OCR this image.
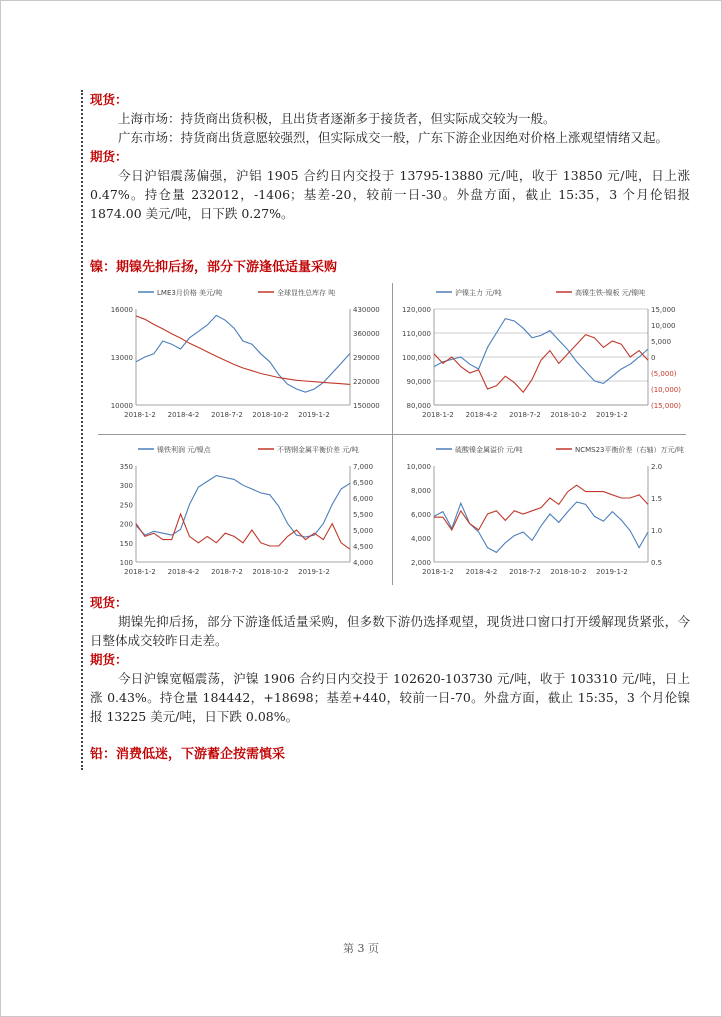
现货：

上海市场：持货商出货积极，且出货者逐渐多于接货者，但实际成交较为一般。

广东市场：持货商出货意愿较强烈，但实际成交一般，广东下游企业因绝对价格上涨观望情绪又起。

期货：

今日沪铝震荡偏强，沪铝 1905 合约日内交投于 13795-13880 元/吨，收于 13850 元/吨，日上涨 0.47%。持仓量 232012，-1406；基差-20，较前一日-30。外盘方面，截止 15:35，3 个月伦铝报 1874.00 美元/吨，日下跌 0.27%。

镍：期镍先抑后扬，部分下游逢低适量采购
LME3月价格 美元/吨	全球显性总库存 吨
16000
13000
10000
430000
360000
290000
220000
150000
2018-1-2 2018-4-2 2018-7-2 2018-10-2 2019-1-2
沪镍主力 元/吨	高镍生铁-镍板 元/镍吨
120,000
110,000
100,000
90,000
80,000
15,000
10,000
5,000
0
(5,000)
(10,000)
(15,000)
2018-1-2 2018-4-2 2018-7-2 2018-10-2 2019-1-2
镍铁利润 元/镍点	不锈钢金属平衡价差 元/吨
350
300
250
200
150
100
7,000
6,500
6,000
5,500
5,000
4,500
4,000
2018-1-2 2018-4-2 2018-7-2 2018-10-2 2019-1-2
硫酸镍金属溢价 元/吨	NCMS23平衡价差（右轴）万元/吨
10,000
8,000
6,000
4,000
2,000
2.0
1.5
1.0
0.5
2018-1-2 2018-4-2 2018-7-2 2018-10-2 2019-1-2
现货：

期镍先抑后扬，部分下游逢低适量采购，但多数下游仍选择观望，现货进口窗口打开缓解现货紧张，今日整体成交较昨日走差。

期货：

今日沪镍宽幅震荡，沪镍 1906 合约日内交投于 102620-103730 元/吨，收于 103310 元/吨，日上涨 0.43%。持仓量 184442，+18698；基差+440，较前一日-70。外盘方面，截止 15:35，3 个月伦镍报 13225 美元/吨，日下跌 0.08%。

铅：消费低迷，下游蓄企按需慎采
第 3 页
